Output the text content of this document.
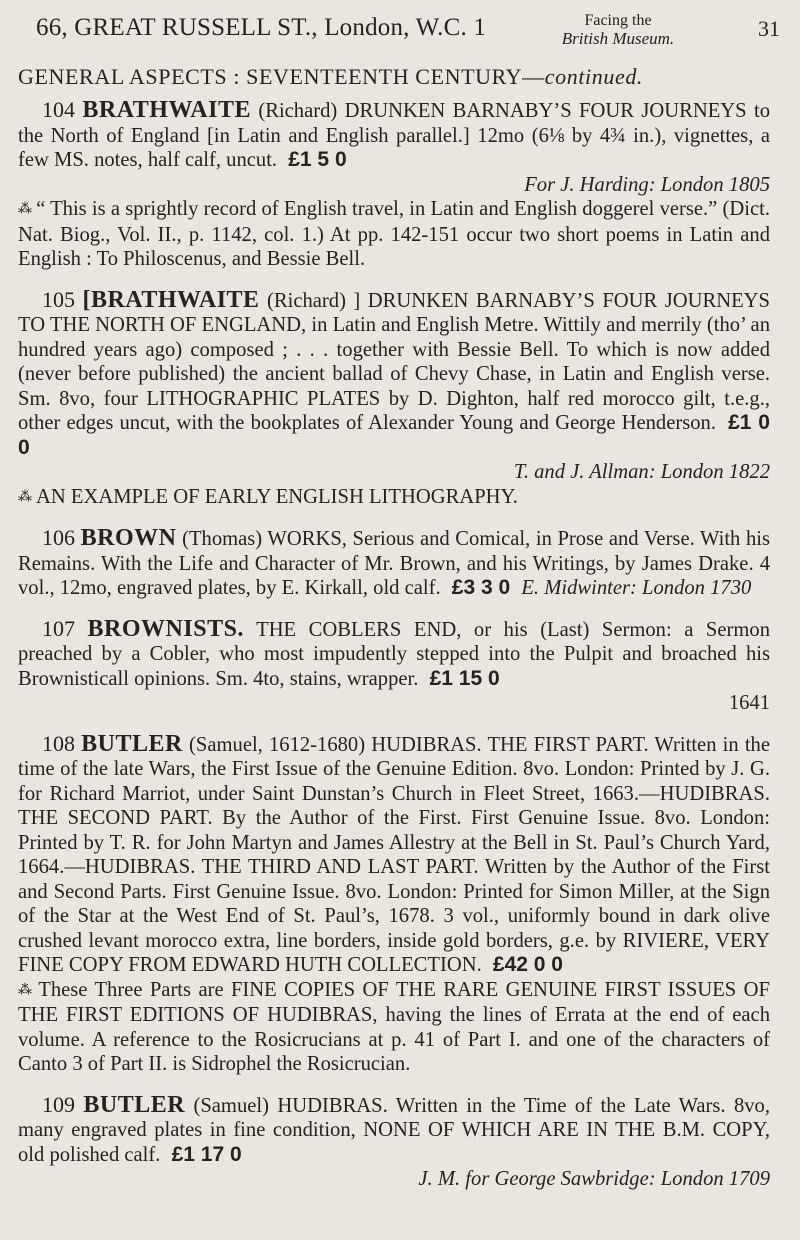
66, GREAT RUSSELL ST., London, W.C. 1	Facing the
British Museum.	31
GENERAL ASPECTS : SEVENTEENTH CENTURY—continued.

104 BRATHWAITE (Richard) DRUNKEN BARNABY’S FOUR JOURNEYS to the North of England [in Latin and English parallel.] 12mo (6⅛ by 4¾ in.), vignettes, a few MS. notes, half calf, uncut. £1 5 0
For J. Harding: London 1805

⁂ “ This is a sprightly record of English travel, in Latin and English doggerel verse.” (Dict. Nat. Biog., Vol. II., p. 1142, col. 1.) At pp. 142-151 occur two short poems in Latin and English : To Philoscenus, and Bessie Bell.

105 [BRATHWAITE (Richard) ] DRUNKEN BARNABY’S FOUR JOURNEYS TO THE NORTH OF ENGLAND, in Latin and English Metre. Wittily and merrily (tho’ an hundred years ago) composed ; . . . together with Bessie Bell. To which is now added (never before published) the ancient ballad of Chevy Chase, in Latin and English verse. Sm. 8vo, four LITHOGRAPHIC PLATES by D. Dighton, half red morocco gilt, t.e.g., other edges uncut, with the bookplates of Alexander Young and George Henderson. £1 0 0
T. and J. Allman: London 1822

⁂ AN EXAMPLE OF EARLY ENGLISH LITHOGRAPHY.

106 BROWN (Thomas) WORKS, Serious and Comical, in Prose and Verse. With his Remains. With the Life and Character of Mr. Brown, and his Writings, by James Drake. 4 vol., 12mo, engraved plates, by E. Kirkall, old calf. £3 3 0 E. Midwinter: London 1730

107 BROWNISTS. THE COBLERS END, or his (Last) Sermon: a Sermon preached by a Cobler, who most impudently stepped into the Pulpit and broached his Brownisticall opinions. Sm. 4to, stains, wrapper. £1 15 0
1641

108 BUTLER (Samuel, 1612-1680) HUDIBRAS. THE FIRST PART. Written in the time of the late Wars, the First Issue of the Genuine Edition. 8vo. London: Printed by J. G. for Richard Marriot, under Saint Dunstan’s Church in Fleet Street, 1663.—HUDIBRAS. THE SECOND PART. By the Author of the First. First Genuine Issue. 8vo. London: Printed by T. R. for John Martyn and James Allestry at the Bell in St. Paul’s Church Yard, 1664.—HUDIBRAS. THE THIRD AND LAST PART. Written by the Author of the First and Second Parts. First Genuine Issue. 8vo. London: Printed for Simon Miller, at the Sign of the Star at the West End of St. Paul’s, 1678. 3 vol., uniformly bound in dark olive crushed levant morocco extra, line borders, inside gold borders, g.e. by RIVIERE, VERY FINE COPY FROM EDWARD HUTH COLLECTION. £42 0 0

⁂ These Three Parts are FINE COPIES OF THE RARE GENUINE FIRST ISSUES OF THE FIRST EDITIONS OF HUDIBRAS, having the lines of Errata at the end of each volume. A reference to the Rosicrucians at p. 41 of Part I. and one of the characters of Canto 3 of Part II. is Sidrophel the Rosicrucian.

109 BUTLER (Samuel) HUDIBRAS. Written in the Time of the Late Wars. 8vo, many engraved plates in fine condition, NONE OF WHICH ARE IN THE B.M. COPY, old polished calf. £1 17 0
J. M. for George Sawbridge: London 1709
